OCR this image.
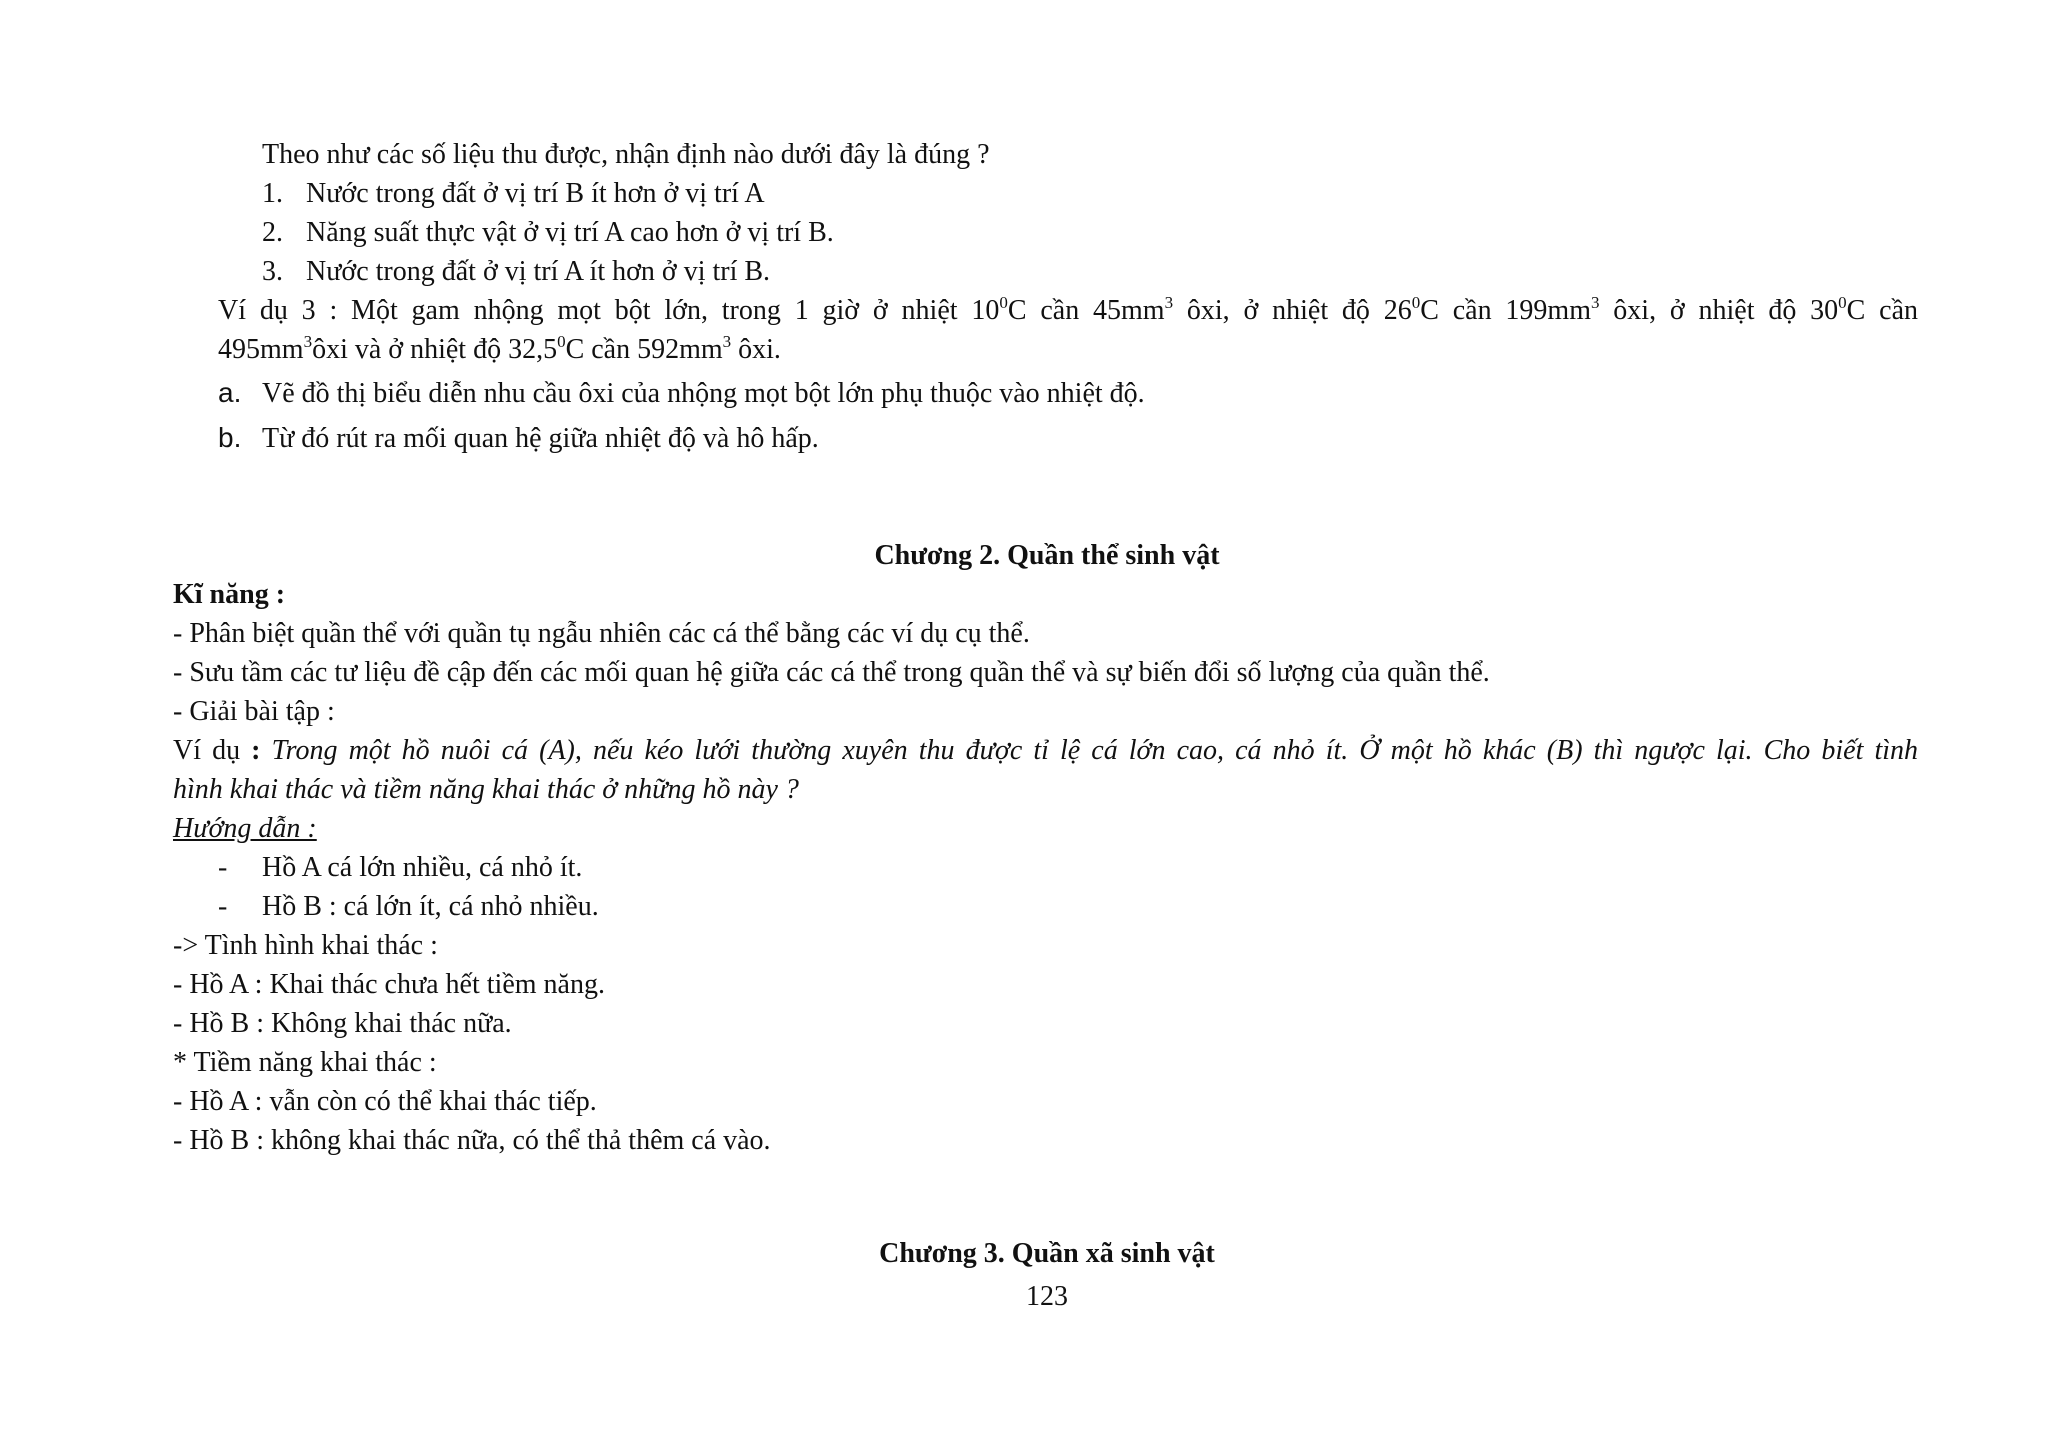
Theo như các số liệu thu được, nhận định nào dưới đây là đúng ?
1. Nước trong đất ở vị trí B ít hơn ở vị trí A
2. Năng suất thực vật ở vị trí A cao hơn ở vị trí B.
3. Nước trong đất ở vị trí A ít hơn ở vị trí B.
Ví dụ 3 : Một gam nhộng mọt bột lớn, trong 1 giờ ở nhiệt $10^0C$ cần $45mm^3$ ôxi, ở nhiệt độ $26^0C$ cần $199mm^3$ ôxi, ở nhiệt độ $30^0C$ cần
$495mm^3ôxi$ và ở nhiệt độ 32,5$^0$C cần $592mm^3$ ôxi.
a. Vẽ đồ thị biểu diễn nhu cầu ôxi của nhộng mọt bột lớn phụ thuộc vào nhiệt độ.
b. Từ đó rút ra mối quan hệ giữa nhiệt độ và hô hấp.
Chương 2. Quần thể sinh vật
Kĩ năng :
- Phân biệt quần thể với quần tụ ngẫu nhiên các cá thể bằng các ví dụ cụ thể.
- Sưu tầm các tư liệu đề cập đến các mối quan hệ giữa các cá thể trong quần thể và sự biến đổi số lượng của quần thể.
- Giải bài tập :
Ví dụ : Trong một hồ nuôi cá (A), nếu kéo lưới thường xuyên thu được tỉ lệ cá lớn cao, cá nhỏ ít. Ở một hồ khác (B) thì ngược lại. Cho biết tình
hình khai thác và tiềm năng khai thác ở những hồ này ?
Hướng dẫn :
- Hồ A cá lớn nhiều, cá nhỏ ít.
- Hồ B : cá lớn ít, cá nhỏ nhiều.
-> Tình hình khai thác :
- Hồ A : Khai thác chưa hết tiềm năng.
- Hồ B : Không khai thác nữa.
* Tiềm năng khai thác :
- Hồ A : vẫn còn có thể khai thác tiếp.
- Hồ B : không khai thác nữa, có thể thả thêm cá vào.
Chương 3. Quần xã sinh vật
123
